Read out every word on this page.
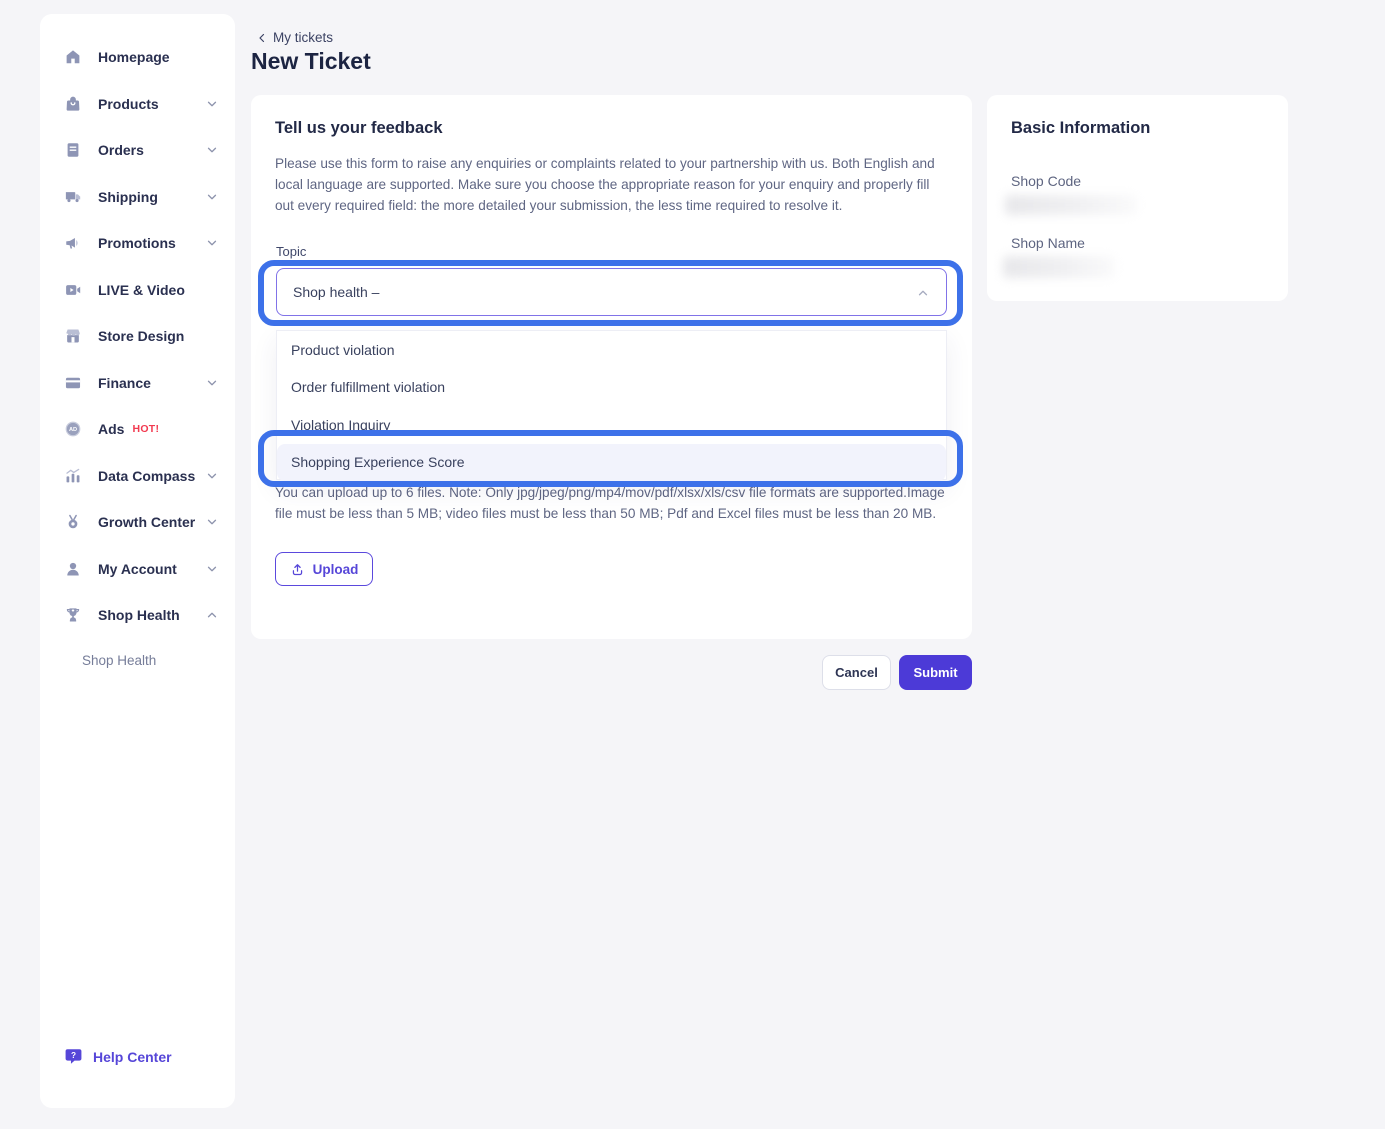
Homepage
Products
Orders
Shipping
Promotions
LIVE & Video
Store Design
Finance
AD Ads HOT!
Data Compass
Growth Center
My Account
Shop Health
Shop Health
? Help Center
My tickets
New Ticket
Tell us your feedback
Please use this form to raise any enquiries or complaints related to your partnership with us. Both English and local language are supported. Make sure you choose the appropriate reason for your enquiry and properly fill out every required field: the more detailed your submission, the less time required to resolve it.
Topic
Shop health –
Product violation
Order fulfillment violation
Violation Inquiry
Shopping Experience Score
You can upload up to 6 files. Note: Only jpg/jpeg/png/mp4/mov/pdf/xlsx/xls/csv file formats are supported.Image file must be less than 5 MB; video files must be less than 50 MB; Pdf and Excel files must be less than 20 MB.
Upload
Cancel	Submit
Basic Information
Shop Code
Shop Name
